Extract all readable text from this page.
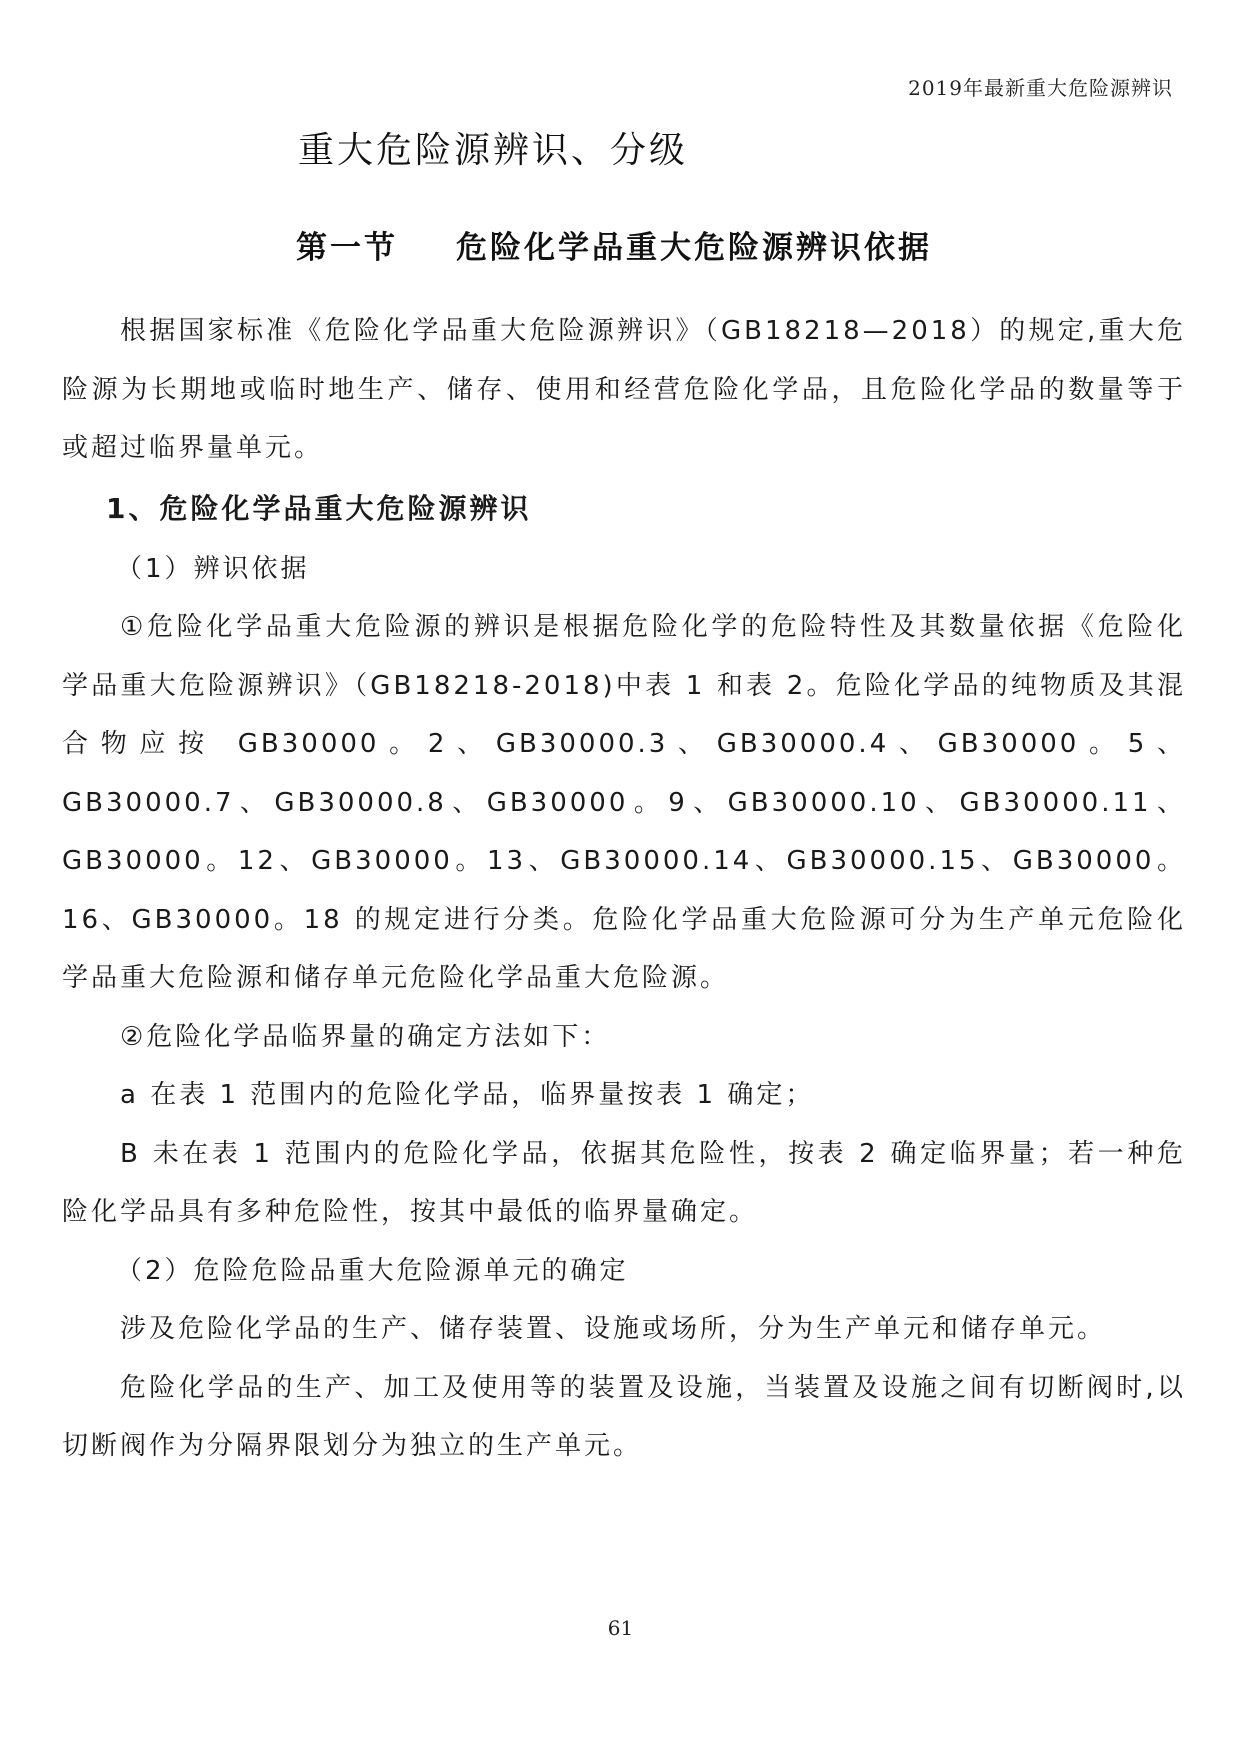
2019年最新重大危险源辨识
重大危险源辨识、分级
第一节 危险化学品重大危险源辨识依据

根据国家标准《危险化学品重大危险源辨识》（GB18218—2018）的规定,重大危险源为长期地或临时地生产、储存、使用和经营危险化学品，且危险化学品的数量等于或超过临界量单元。

1、危险化学品重大危险源辨识

（1）辨识依据

①危险化学品重大危险源的辨识是根据危险化学的危险特性及其数量依据《危险化学品重大危险源辨识》（GB18218-2018)中表 1 和表 2。危险化学品的纯物质及其混合物应按 GB30000。2、GB30000.3、GB30000.4、GB30000。5、GB30000.7、GB30000.8、GB30000。9、GB30000.10、GB30000.11、GB30000。12、GB30000。13、GB30000.14、GB30000.15、GB30000。16、GB30000。18 的规定进行分类。危险化学品重大危险源可分为生产单元危险化学品重大危险源和储存单元危险化学品重大危险源。

②危险化学品临界量的确定方法如下：

a 在表 1 范围内的危险化学品，临界量按表 1 确定；

B 未在表 1 范围内的危险化学品，依据其危险性，按表 2 确定临界量；若一种危险化学品具有多种危险性，按其中最低的临界量确定。

（2）危险危险品重大危险源单元的确定

涉及危险化学品的生产、储存装置、设施或场所，分为生产单元和储存单元。

危险化学品的生产、加工及使用等的装置及设施，当装置及设施之间有切断阀时,以切断阀作为分隔界限划分为独立的生产单元。

61
